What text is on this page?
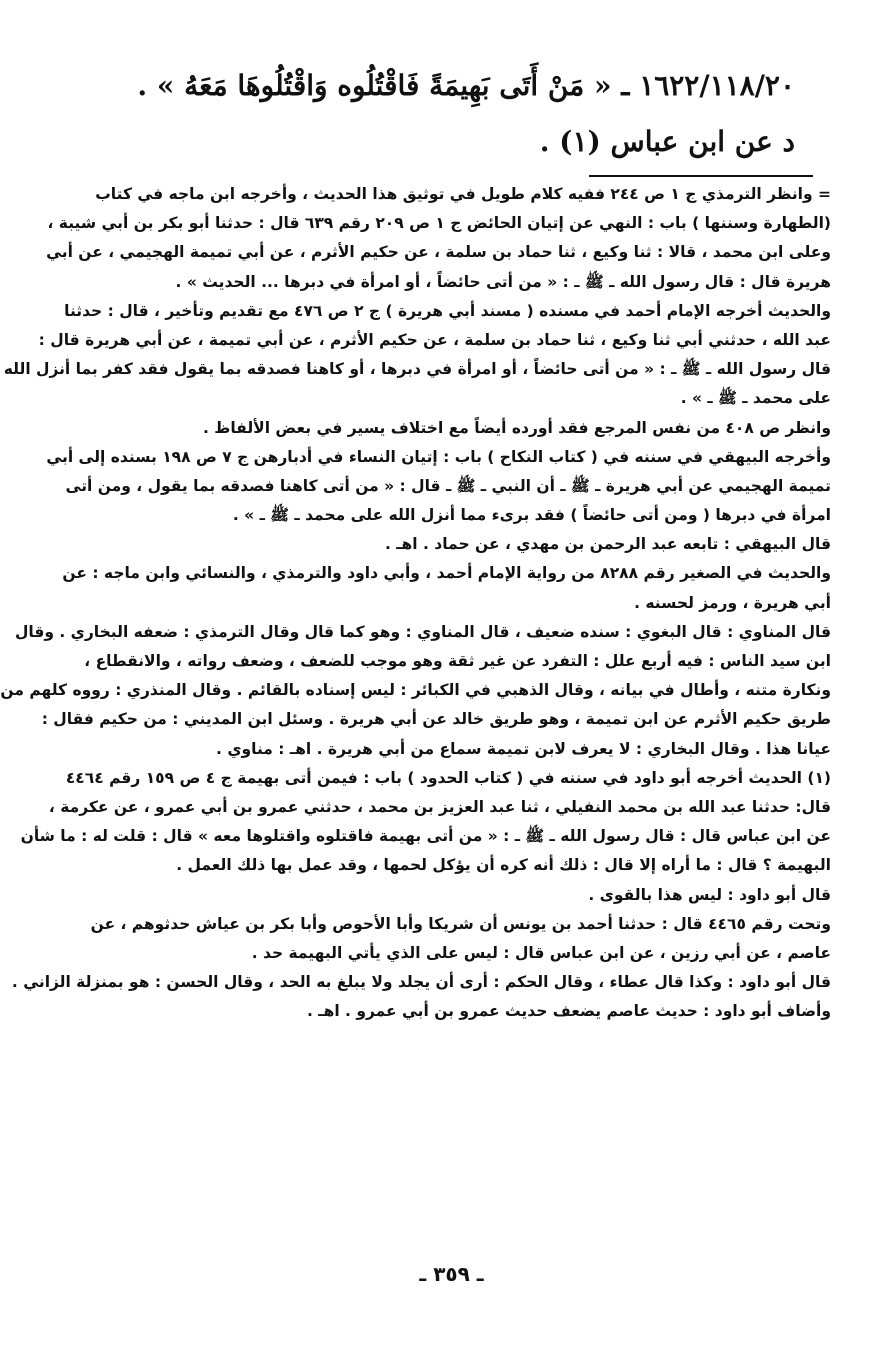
١٦٢٢/١١٨/٢٠ ـ « مَنْ أَتَى بَهِيمَةً فَاقْتُلُوه وَاقْتُلُوهَا مَعَهُ » .

د عن ابن عباس (١) .

= وانظر الترمذي ج ١ ص ٢٤٤ ففيه كلام طويل في توثيق هذا الحديث ، وأخرجه ابن ماجه في كتاب

(الطهارة وسننها ) باب : النهي عن إتيان الحائض ج ١ ص ٢٠٩ رقم ٦٣٩ قال : حدثنا أبو بكر بن أبي شيبة ،

وعلى ابن محمد ، قالا : ثنا وكيع ، ثنا حماد بن سلمة ، عن حكيم الأثرم ، عن أبي تميمة الهجيمي ، عن أبي

هريرة قال : قال رسول الله ـ ﷺ ـ : « من أتى حائضاً ، أو امرأة في دبرها ... الحديث » .

والحديث أخرجه الإمام أحمد في مسنده ( مسند أبي هريرة ) ج ٢ ص ٤٧٦ مع تقديم وتأخير ، قال : حدثنا

عبد الله ، حدثني أبي ثنا وكيع ، ثنا حماد بن سلمة ، عن حكيم الأثرم ، عن أبي تميمة ، عن أبي هريرة قال :

قال رسول الله ـ ﷺ ـ : « من أتى حائضاً ، أو امرأة في دبرها ، أو كاهنا فصدقه بما يقول فقد كفر بما أنزل الله

على محمد ـ ﷺ ـ » .

وانظر ص ٤٠٨ من نفس المرجع فقد أورده أيضاً مع اختلاف يسير في بعض الألفاظ .

وأخرجه البيهقي في سننه في ( كتاب النكاح ) باب : إتيان النساء في أدبارهن ج ٧ ص ١٩٨ بسنده إلى أبي

تميمة الهجيمي عن أبي هريرة ـ ﷺ ـ أن النبي ـ ﷺ ـ قال : « من أتى كاهنا فصدقه بما يقول ، ومن أتى

امرأة في دبرها ( ومن أتى حائضاً ) فقد برىء مما أنزل الله على محمد ـ ﷺ ـ » .

قال البيهقي : تابعه عبد الرحمن بن مهدي ، عن حماد . اهـ .

والحديث في الصغير رقم ٨٢٨٨ من رواية الإمام أحمد ، وأبي داود والترمذي ، والنسائي وابن ماجه : عن

أبي هريرة ، ورمز لحسنه .

قال المناوي : قال البغوي : سنده ضعيف ، قال المناوي : وهو كما قال وقال الترمذي : ضعفه البخاري . وقال

ابن سيد الناس : فيه أربع علل : التفرد عن غير ثقة وهو موجب للضعف ، وضعف رواته ، والانقطاع ،

ونكارة متنه ، وأطال في بيانه ، وقال الذهبي في الكبائر : ليس إسناده بالقائم . وقال المنذري : رووه كلهم من

طريق حكيم الأثرم عن ابن تميمة ، وهو طريق خالد عن أبي هريرة . وسئل ابن المديني : من حكيم فقال :

عيانا هذا . وقال البخاري : لا يعرف لابن تميمة سماع من أبي هريرة . اهـ : مناوي .

(١) الحديث أخرجه أبو داود في سننه في ( كتاب الحدود ) باب : فيمن أتى بهيمة ج ٤ ص ١٥٩ رقم ٤٤٦٤

قال: حدثنا عبد الله بن محمد النفيلي ، ثنا عبد العزيز بن محمد ، حدثني عمرو بن أبي عمرو ، عن عكرمة ،

عن ابن عباس قال : قال رسول الله ـ ﷺ ـ : « من أتى بهيمة فاقتلوه واقتلوها معه » قال : قلت له : ما شأن

البهيمة ؟ قال : ما أراه إلا قال : ذلك أنه كره أن يؤكل لحمها ، وقد عمل بها ذلك العمل .

قال أبو داود : ليس هذا بالقوى .

وتحت رقم ٤٤٦٥ قال : حدثنا أحمد بن يونس أن شريكا وأبا الأحوص وأبا بكر بن عياش حدثوهم ، عن

عاصم ، عن أبي رزين ، عن ابن عباس قال : ليس على الذي يأتي البهيمة حد .

قال أبو داود : وكذا قال عطاء ، وقال الحكم : أرى أن يجلد ولا يبلغ به الحد ، وقال الحسن : هو بمنزلة الزاني .

وأضاف أبو داود : حديث عاصم يضعف حديث عمرو بن أبي عمرو . اهـ .

ـ ٣٥٩ ـ
